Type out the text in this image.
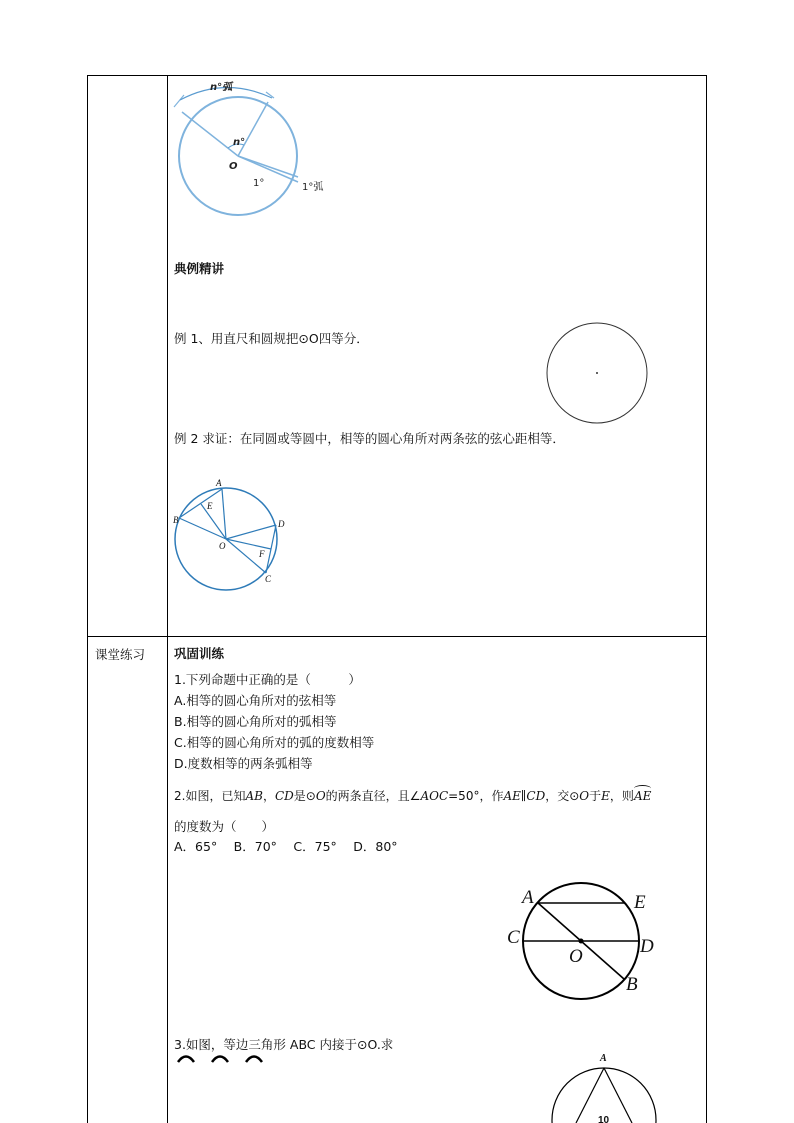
n°弧
n°
O
1°	1°弧
典例精讲
例 1、用直尺和圆规把⊙O四等分．
例 2 求证：在同圆或等圆中，相等的圆心角所对两条弦的弦心距相等．
A
B
E
D
O
F
C
课堂练习 巩固训练
1.下列命题中正确的是（　　　）
A.相等的圆心角所对的弦相等
B.相等的圆心角所对的弧相等
C.相等的圆心角所对的弧的度数相等
D.度数相等的两条弧相等
2.如图，已知AB，CD是⊙O的两条直径，且∠AOC=50°，作AE∥CD，交⊙O于E，则
AE
的度数为（　　）
A．65°　 B．70°　 C．75°　 D．80°
A	E
C	D
O
B
3.如图，等边三角形 ABC 内接于⊙O.求
A
10
